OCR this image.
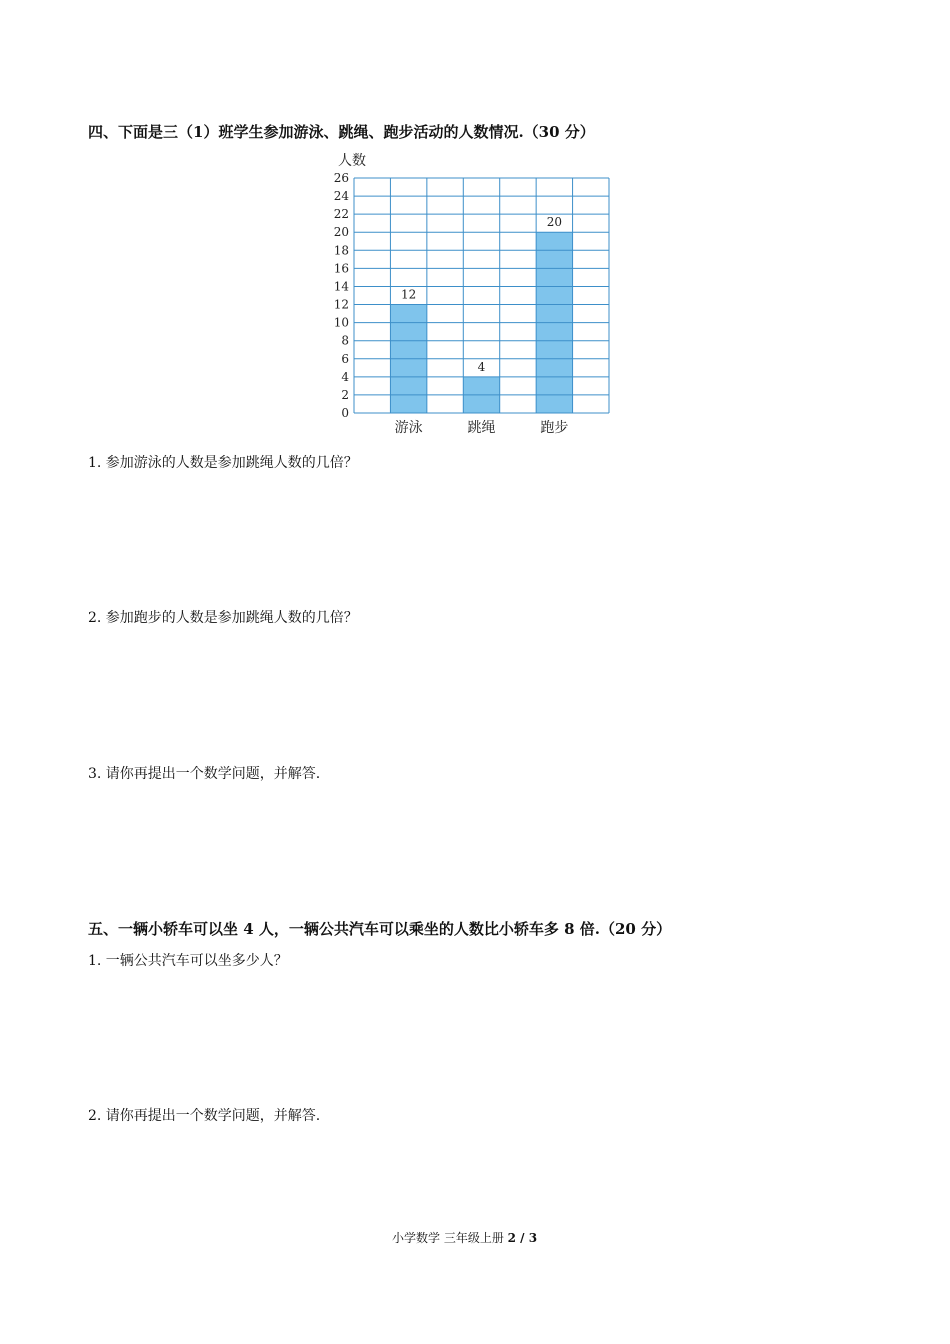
四、下面是三（1）班学生参加游泳、跳绳、跑步活动的人数情况.（30 分）
人数
0
2
4
6
8
10
12
14
16
18
20
22
24
26
游泳	跳绳	跑步
12
4
20
1. 参加游泳的人数是参加跳绳人数的几倍？
2. 参加跑步的人数是参加跳绳人数的几倍？
3. 请你再提出一个数学问题，并解答.
五、一辆小轿车可以坐 4 人，一辆公共汽车可以乘坐的人数比小轿车多 8 倍.（20 分）
1. 一辆公共汽车可以坐多少人？
2. 请你再提出一个数学问题，并解答.
小学数学 三年级上册 2 / 3
